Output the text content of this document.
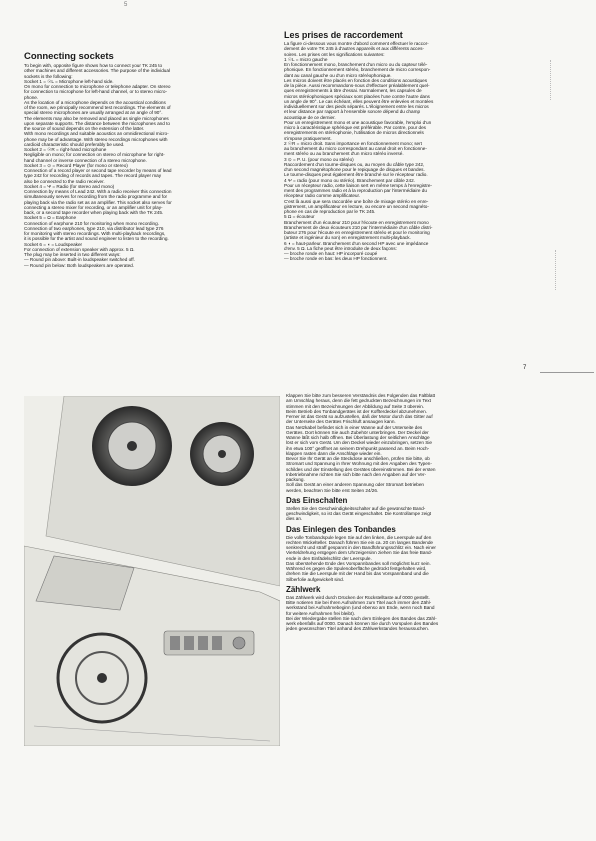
5
Les prises de raccordement

La figure ci-dessous vous montre d'abord comment effectuer le raccor-

dement de votre TK 245 à d'autres appareils et aux différents acces-

soires. Les prises ont les significations suivantes:

1 ☉L = micro gauche

En fonctionnement mono, branchement d'un micro ou du capteur télé-

phonique. En fonctionnement stéréo, branchement de micro correspon-

dant au canal gauche ou d'un micro stéréophonique.

Les micros doivent être placés en fonction des conditions acoustiques

de la pièce. Aussi recommandons-nous d'effectuer préalablement quel-

ques enregistrements à titre d'essai. Normalement, les capsules de

micros stéréophoniques spéciaux sont placées l'une contre l'autre dans

un angle de 90°. Le cas échéant, elles peuvent être enlevées et montées

individuellement sur des pieds séparés. L'éloignement entre les micros

et leur distance par rapport à l'ensemble sonore dépend du champ

acoustique de ce dernier.

Pour un enregistrement mono et une acoustique favorable, l'emploi d'un

micro à caractéristique sphérique est préférable. Par contre, pour des

enregistrements en stéréophonie, l'utilisation de micros directionnels

s'impose pratiquement.

2 ☉R = micro droit. Sans importance en fonctionnement mono; sert

au branchement du micro correspondant au canal droit en fonctionne-

ment stéréo ou au branchement d'un micro stéréo inversé.

3 ⊙ = P. U. (pour mono ou stéréo)

Raccordement d'un tourne-disques ou, au moyen du câble type 242,

d'un second magnétophone pour le repiquage de disques et bandes.

Le tourne-disques peut également être branché sur le récepteur radio.

4 Ψ = radio (pour mono ou stéréo). Branchement par câble 242.

Pour un récepteur radio, cette liaison sert en même temps à l'enregistre-

ment des programmes radio et à la reproduction par l'intermédiaire du

récepteur radio comme amplificateur.

C'est là aussi que sera raccordée une boîte de mixage stéréo en enre-

gistrement, un amplificateur en lecture, ou encore un second magnéto-

phone en cas de reproduction par le TK 245.

5 Ω = écouteur

Branchement d'un écouteur 210 pour l'écoute en enregistrement mono

Branchement de deux écouteurs 210 par l'intermédiaire d'un câble distri-

buteur 276 pour l'écoute en enregistrement stéréo et pour le monitoring

(artiste et ingénieur du son) en enregistrement multi-playback.

6 ◖ = haut-parleur. Branchement d'un second HP avec une impédance

d'env. 5 Ω. La fiche peut être introduite de deux façons:

— broche ronde en haut: HP incorporé coupé

— broche ronde en bas: les deux HP fonctionnent.

Connecting sockets

To begin with, opposite figure shows how to connect your TK 245 to

other machines and different accessories. The purpose of the individual

sockets is the following:

Socket 1 = ☉L = Microphone left-hand side.

On mono for connection to microphone or telephone adapter. On stereo

for connection to microphone for left-hand channel, or to stereo micro-

phone.

As the location of a microphone depends on the acoustical conditions

of the room, we principally recommend test recordings. The elements of

special stereo microphones are usually arranged at an angle of 90°.

The elements may also be removed and placed as single microphones

upon separate supports. The distance between the microphones and to

the source of sound depends on the extension of the latter.

With mono recordings and suitable acoustics an omnidirectional micro-

phone may be of advantage. With stereo recordings microphones with

cardioid characteristic should preferably be used.

Socket 2 = ☉R = right-hand microphone

Negligible on mono; for connection on stereo of microphone for right-

hand channel or inverse connection of a stereo microphone.

Socket 3 = ⊙ = Record Player (for mono or stereo)

Connection of a record player or second tape recorder by means of lead

type 242 for recording of records and tapes. The record player may

also be connected to the radio receiver.

Socket 4 = Ψ = Radio (for stereo and mono)

Connection by means of Lead 242. With a radio receiver this connection

simultaneously serves for recording from the radio programme and for

playing back via the radio set as an amplifier. This socket also serves for

connecting a stereo mixer for recording, or an amplifier unit for play-

back, or a second tape recorder when playing back with the TK 245.

Socket 5 = Ω = Earphone

Connection of earphone 210 for monitoring when mono recording.

Connection of two earphones, type 210, via distributor lead type 276

for monitoring with stereo recordings. With multi-playback recordings,

it is possible for the artist and sound engineer to listen to the recording.

Socket 6 = ◖ = Loudspeaker

For connection of extension speaker with approx. 5 Ω.

The plug may be inserted in two different ways:

— Round pin above: Built-in loudspeaker switched off.

— Round pin below: Both loudspeakers are operated.

7

Klappen Sie bitte zum besseren Verständnis des Folgenden das Faltblatt

am Umschlag heraus, denn die fett gedruckten Bezeichnungen im Text

stimmen mit den Bezeichnungen der Abbildung auf Seite 3 überein.

Beim Betrieb des Tonbandgerätes ist der Koffterdeckel abzunehmen.

Ferner ist das Gerät so aufzustellen, daß der Motor durch das Gitter auf

der Unterseite des Gerätes Frischluft ansaugen kann.

Das Netzkabel befindet sich in einer Wanne auf der Unterseite des

Gerätes. Dort können Sie auch Zubehör unterbringen. Der Deckel der

Wanne läßt sich halb öffnen. Bei Überlastung der seitlichen Anschläge

löst er sich vom Gerät. Um den Deckel wieder einzubringen, setzen Sie

ihn etwa 100° geöffnet an seinem Drehpunkt passend an. Beim Hoch-

klappen rasten dann die Anschläge wieder ein.

Bevor Sie Ihr Gerät an die Steckdose anschließen, prüfen Sie bitte, ob

Stromart und Spannung in Ihrer Wohnung mit den Angaben des Typen-

schildes und der Einstellung des Gerätes übereinstimmen. Bei der ersten

Inbetriebnahme richten Sie sich bitte nach den Angaben auf der Ver-

packung.

Soll das Gerät an einer anderen Spannung oder Stromart betrieben

werden, beachten Sie bitte erst Seiten 24/26.

Das Einschalten

Stellen Sie den Geschwindigkeitsschalter auf die gewünschte Band-

geschwindigkeit, so ist das Gerät eingeschaltet. Die Kontrollampe zeigt

dies an.

Das Einlegen des Tonbandes

Die volle Tonbandspule legen Sie auf den linken, die Leerspule auf den

rechten Wickelteller. Danach führen Sie ein ca. 20 cm langes Bandende

senkrecht und straff gespannt in den Bandführungsschlitz ein. Nach einer

Vierteldrehung entgegen dem Uhrzeigersinn ziehen Sie das freie Band-

ende in den Einfädelschlitz der Leerspule.

Das überstehende Ende des Vorspannbandes soll möglichst kurz sein.

Während es gegen die Spulenoberfläche gedrückt festgehalten wird,

drehen Sie die Leerspule mit der Hand bis das Vorspannband und die

Silberfolie aufgewickelt sind.

Zählwerk

Das Zählwerk wird durch Drücken der Rückstelltaste auf 0000 gestellt.

Bitte notieren Sie bei Ihren Aufnahmen zum Titel auch immer den Zähl-

werkstand bei Aufnahmebeginn (und ebenso am Ende, wenn noch Band

für weitere Aufnahmen frei bleibt).

Bei der Wiedergabe stellen Sie nach dem Einlegen des Bandes das Zähl-

werk ebenfalls auf 0000. Danach können Sie durch Vorspulen des Bandes

jeden gewünschten Titel anhand des Zählwerkstandes heraussuchen.
